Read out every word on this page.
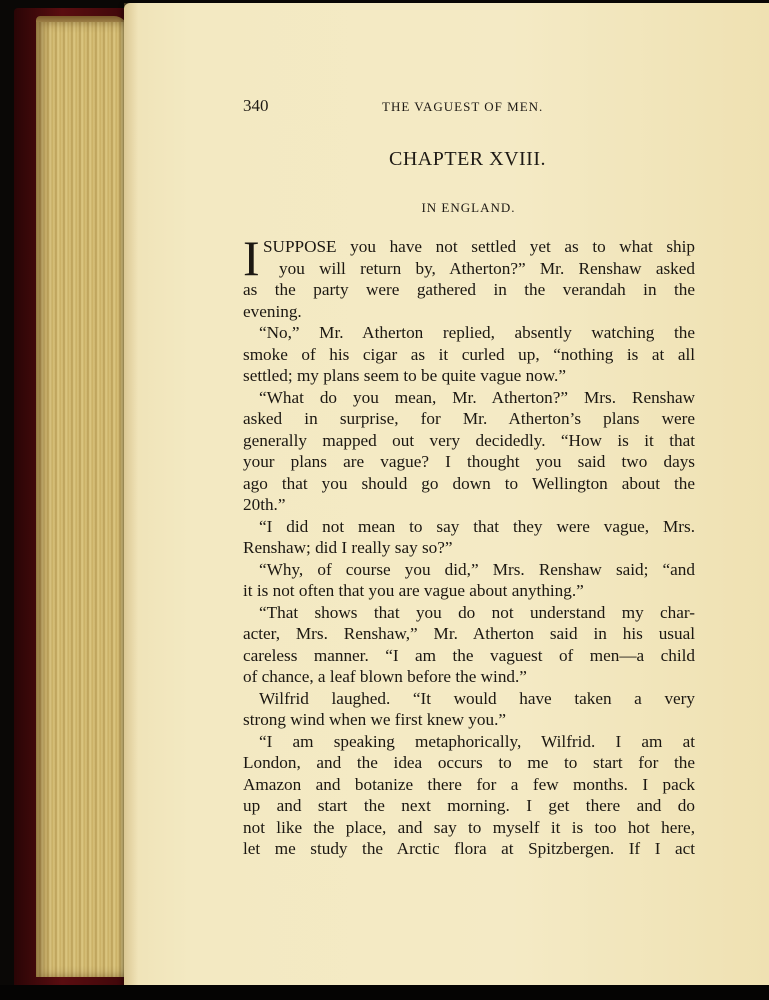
340	THE VAGUEST OF MEN.
CHAPTER XVIII.
IN ENGLAND.
I SUPPOSE you have not settled yet as to what ship
you will return by, Atherton?” Mr. Renshaw asked
as the party were gathered in the verandah in the
evening.
“No,” Mr. Atherton replied, absently watching the
smoke of his cigar as it curled up, “nothing is at all
settled; my plans seem to be quite vague now.”
“What do you mean, Mr. Atherton?” Mrs. Renshaw
asked in surprise, for Mr. Atherton’s plans were
generally mapped out very decidedly. “How is it that
your plans are vague? I thought you said two days
ago that you should go down to Wellington about the
20th.”
“I did not mean to say that they were vague, Mrs.
Renshaw; did I really say so?”
“Why, of course you did,” Mrs. Renshaw said; “and
it is not often that you are vague about anything.”
“That shows that you do not understand my char-
acter, Mrs. Renshaw,” Mr. Atherton said in his usual
careless manner. “I am the vaguest of men—a child
of chance, a leaf blown before the wind.”
Wilfrid laughed. “It would have taken a very
strong wind when we first knew you.”
“I am speaking metaphorically, Wilfrid. I am at
London, and the idea occurs to me to start for the
Amazon and botanize there for a few months. I pack
up and start the next morning. I get there and do
not like the place, and say to myself it is too hot here,
let me study the Arctic flora at Spitzbergen. If I act
